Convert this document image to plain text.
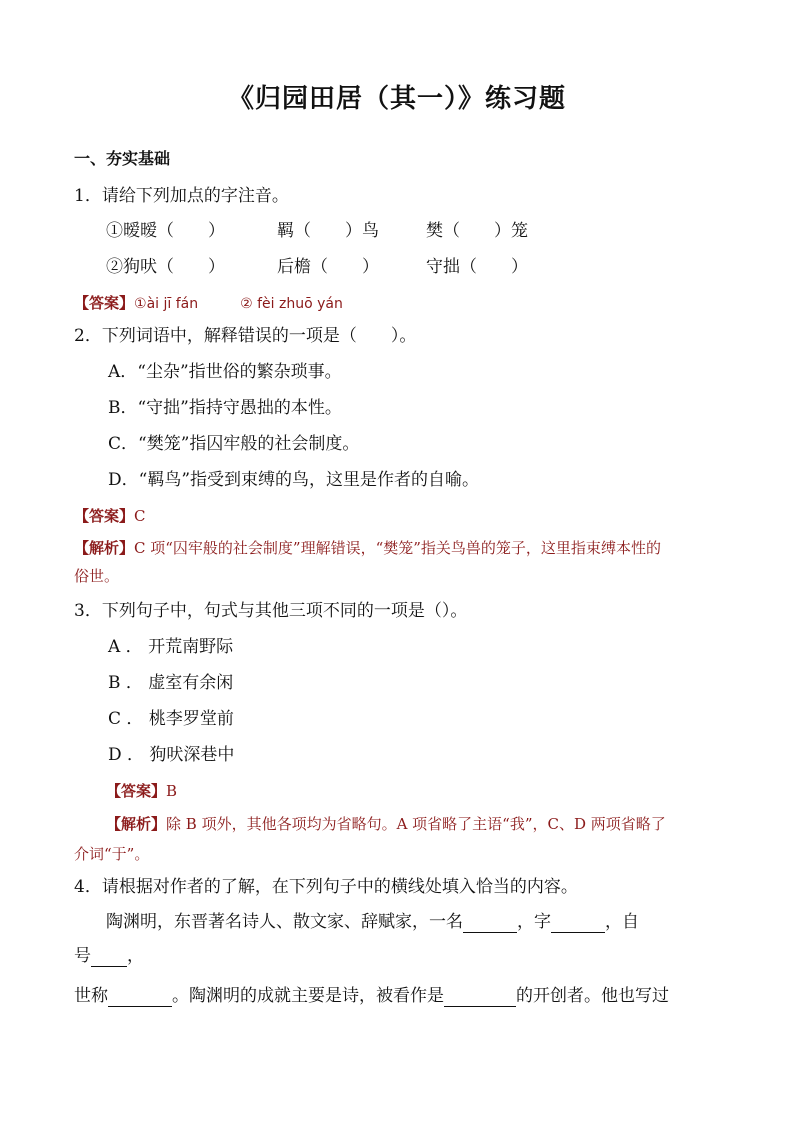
《归园田居（其一）》练习题
一、夯实基础
1．请给下列加点的字注音。
①暧暧（　　）	羁（　　）鸟	樊（　　）笼
②狗吠（　　）	后檐（　　）	守拙（　　）
【答案】①ài jī fán　　　② fèi zhuō yán
2．下列词语中，解释错误的一项是（　　）。
A．“尘杂”指世俗的繁杂琐事。
B．“守拙”指持守愚拙的本性。
C．“樊笼”指囚牢般的社会制度。
D．“羁鸟”指受到束缚的鸟，这里是作者的自喻。
【答案】C
【解析】C 项“囚牢般的社会制度”理解错误，“樊笼”指关鸟兽的笼子，这里指束缚本性的
俗世。
3．下列句子中，句式与其他三项不同的一项是（）。
A ． 开荒南野际
B ． 虚室有余闲
C ． 桃李罗堂前
D ． 狗吠深巷中
【答案】B
【解析】除 B 项外，其他各项均为省略句。A 项省略了主语“我”，C、D 两项省略了
介词“于”。
4．请根据对作者的了解，在下列句子中的横线处填入恰当的内容。
陶渊明，东晋著名诗人、散文家、辞赋家，一名	，字	，自
号 ，
世称	。陶渊明的成就主要是诗，被看作是	的开创者。他也写过
